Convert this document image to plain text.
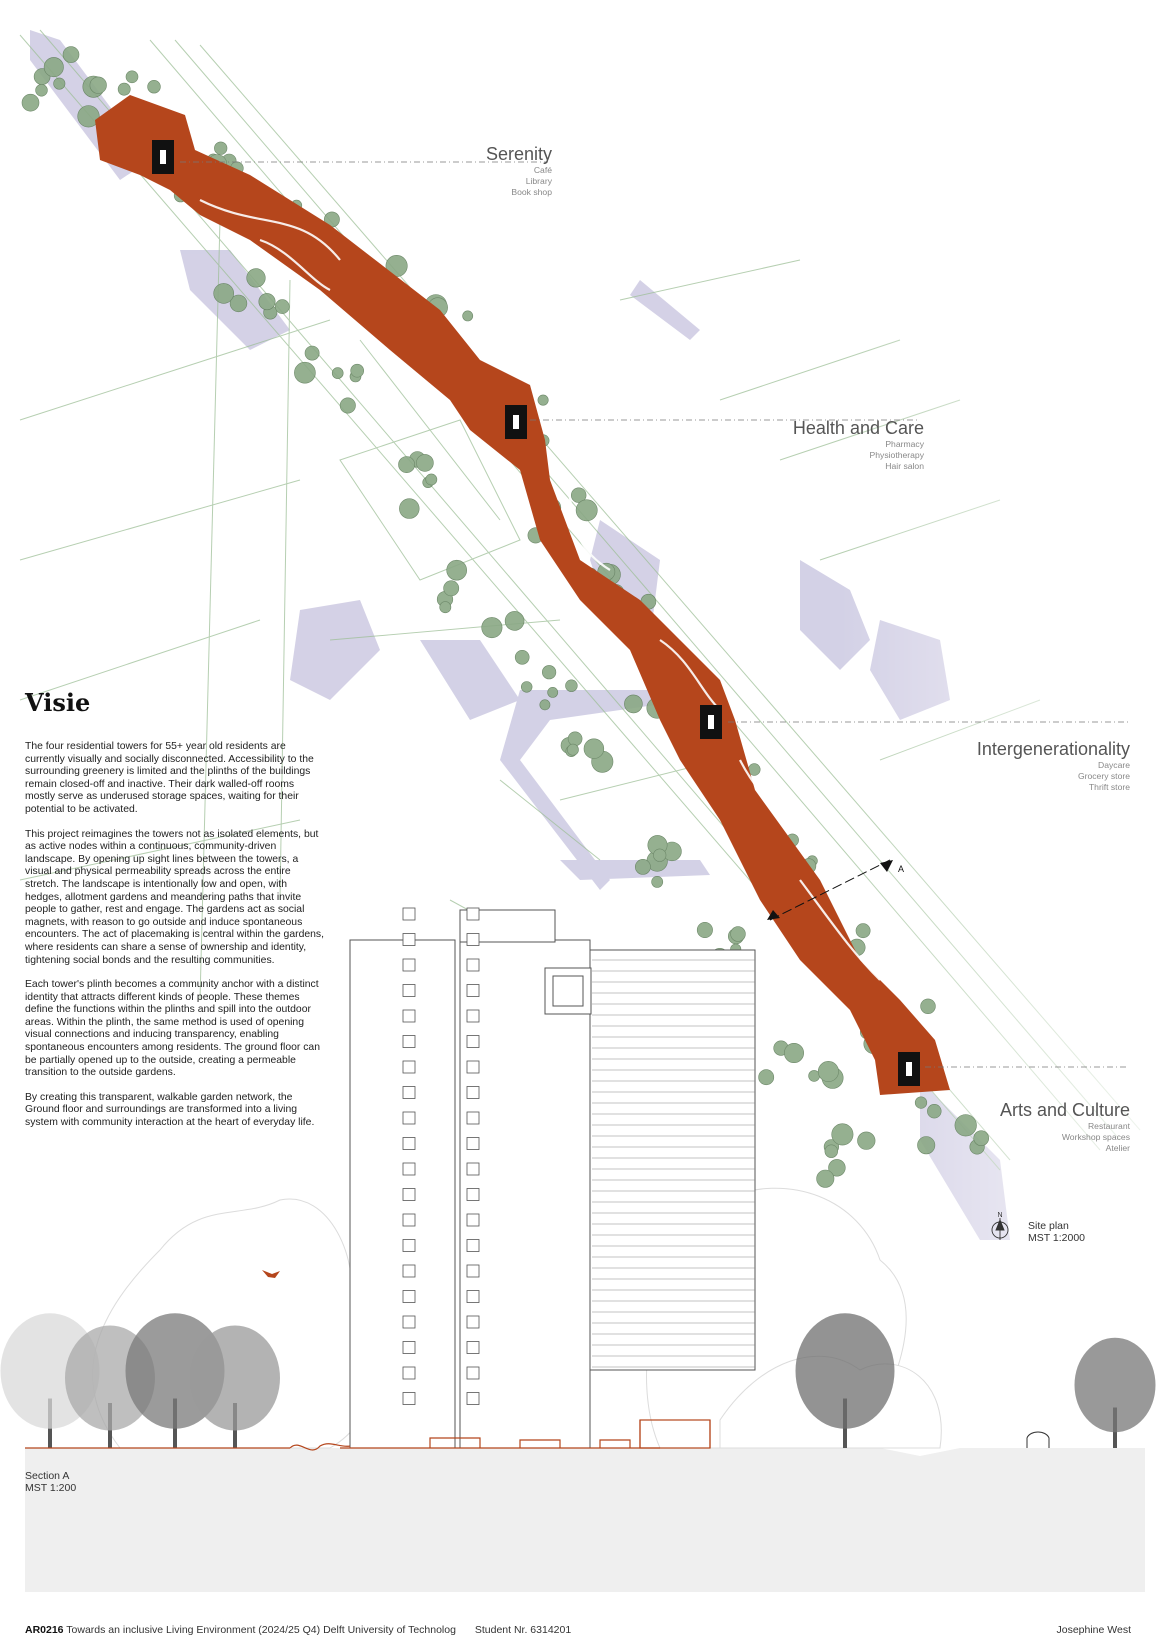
A
N
Serenity
Café
Library
Book shop
Health and Care
Pharmacy
Physiotherapy
Hair salon
Intergenerationality
Daycare
Grocery store
Thrift store
Arts and Culture
Restaurant
Workshop spaces
Atelier
Site plan
MST 1:2000
Visie

The four residential towers for 55+ year old residents are currently visually and socially disconnected. Accessibility to the surrounding greenery is limited and the plinths of the buildings remain closed-off and inactive. Their dark walled-off rooms mostly serve as underused storage spaces, waiting for their potential to be activated.

This project reimagines the towers not as isolated elements, but as active nodes within a continuous, community-driven landscape. By opening up sight lines between the towers, a visual and physical permeability spreads across the entire stretch. The landscape is intentionally low and open, with hedges, allotment gardens and meandering paths that invite people to gather, rest and engage. The gardens act as social magnets, with reason to go outside and induce spontaneous encounters. The act of placemaking is central within the gardens, where residents can share a sense of ownership and identity, tightening social bonds and the resulting communities.

Each tower's plinth becomes a community anchor with a distinct identity that attracts different kinds of people. These themes define the functions within the plinths and spill into the outdoor areas. Within the plinth, the same method is used of opening visual connections and inducing transparency, enabling spontaneous encounters among residents. The ground floor can be partially opened up to the outside, creating a permeable transition to the outside gardens.

By creating this transparent, walkable garden network, the Ground floor and surroundings are transformed into a living system with community interaction at the heart of everyday life.

Section A
MST 1:200
AR0216 Towards an inclusive Living Environment (2024/25 Q4) Delft University of Technolog Student Nr. 6314201	Josephine West
